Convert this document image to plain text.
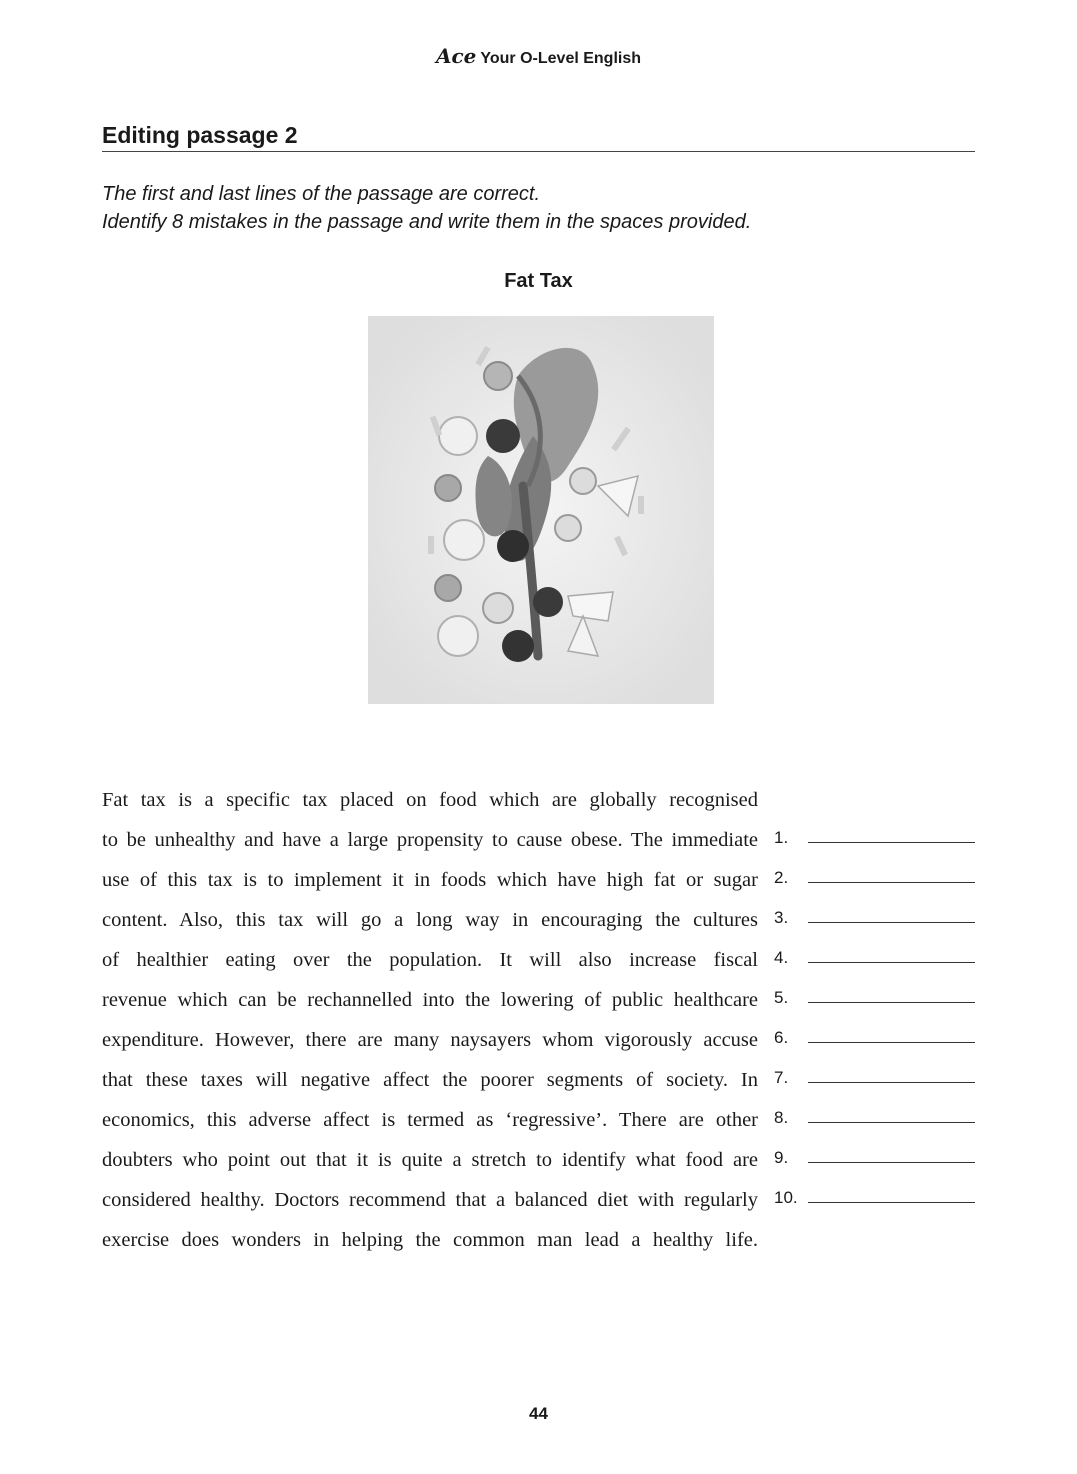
Ace Your O-Level English
Editing passage 2
The first and last lines of the passage are correct.
Identify 8 mistakes in the passage and write them in the spaces provided.
Fat Tax
Fat tax is a specific tax placed on food which are globally recognised
to be unhealthy and have a large propensity to cause obese. The immediate
use of this tax is to implement it in foods which have high fat or sugar
content. Also, this tax will go a long way in encouraging the cultures
of healthier eating over the population. It will also increase fiscal
revenue which can be rechannelled into the lowering of public healthcare
expenditure. However, there are many naysayers whom vigorously accuse
that these taxes will negative affect the poorer segments of society. In
economics, this adverse affect is termed as ‘regressive’. There are other
doubters who point out that it is quite a stretch to identify what food are
considered healthy. Doctors recommend that a balanced diet with regularly
exercise does wonders in helping the common man lead a healthy life.
1.
2.
3.
4.
5.
6.
7.
8.
9.
10.
44
